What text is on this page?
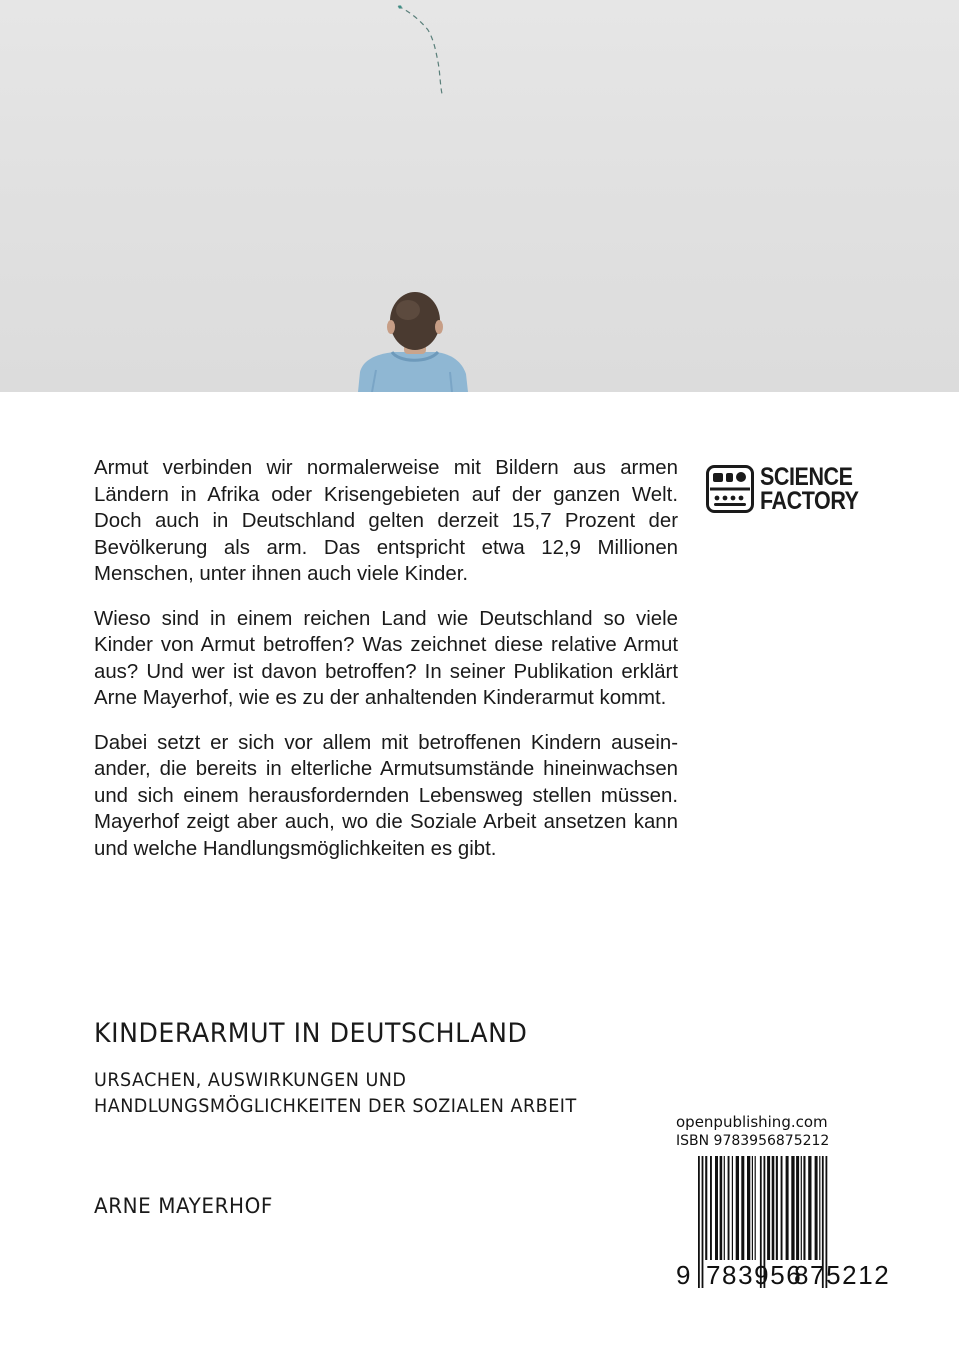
Armut verbinden wir normalerweise mit Bildern aus armen Ländern in Afrika oder Krisengebieten auf der ganzen Welt. Doch auch in Deutschland gelten derzeit 15,7 Prozent der Bevölkerung als arm. Das entspricht etwa 12,9 Millionen Menschen, unter ihnen auch viele Kinder.

Wieso sind in einem reichen Land wie Deutschland so viele Kinder von Armut betroffen? Was zeichnet diese relative Armut aus? Und wer ist davon betroffen? In seiner Publikation erklärt Arne Mayerhof, wie es zu der anhaltenden Kinderarmut kommt.

Dabei setzt er sich vor allem mit betroffenen Kindern auseinander, die bereits in elterliche Armutsumstände hineinwachsen und sich einem herausfordernden Lebensweg stellen müssen. Mayerhof zeigt aber auch, wo die Soziale Arbeit ansetzen kann und welche Handlungsmöglichkeiten es gibt.

SCIENCE
FACTORY
KINDERARMUT IN DEUTSCHLAND
URSACHEN, AUSWIRKUNGEN UND
HANDLUNGSMÖGLICHKEITEN DER SOZIALEN ARBEIT
ARNE MAYERHOF
openpublishing.com
ISBN 9783956875212
9 783956
875212
